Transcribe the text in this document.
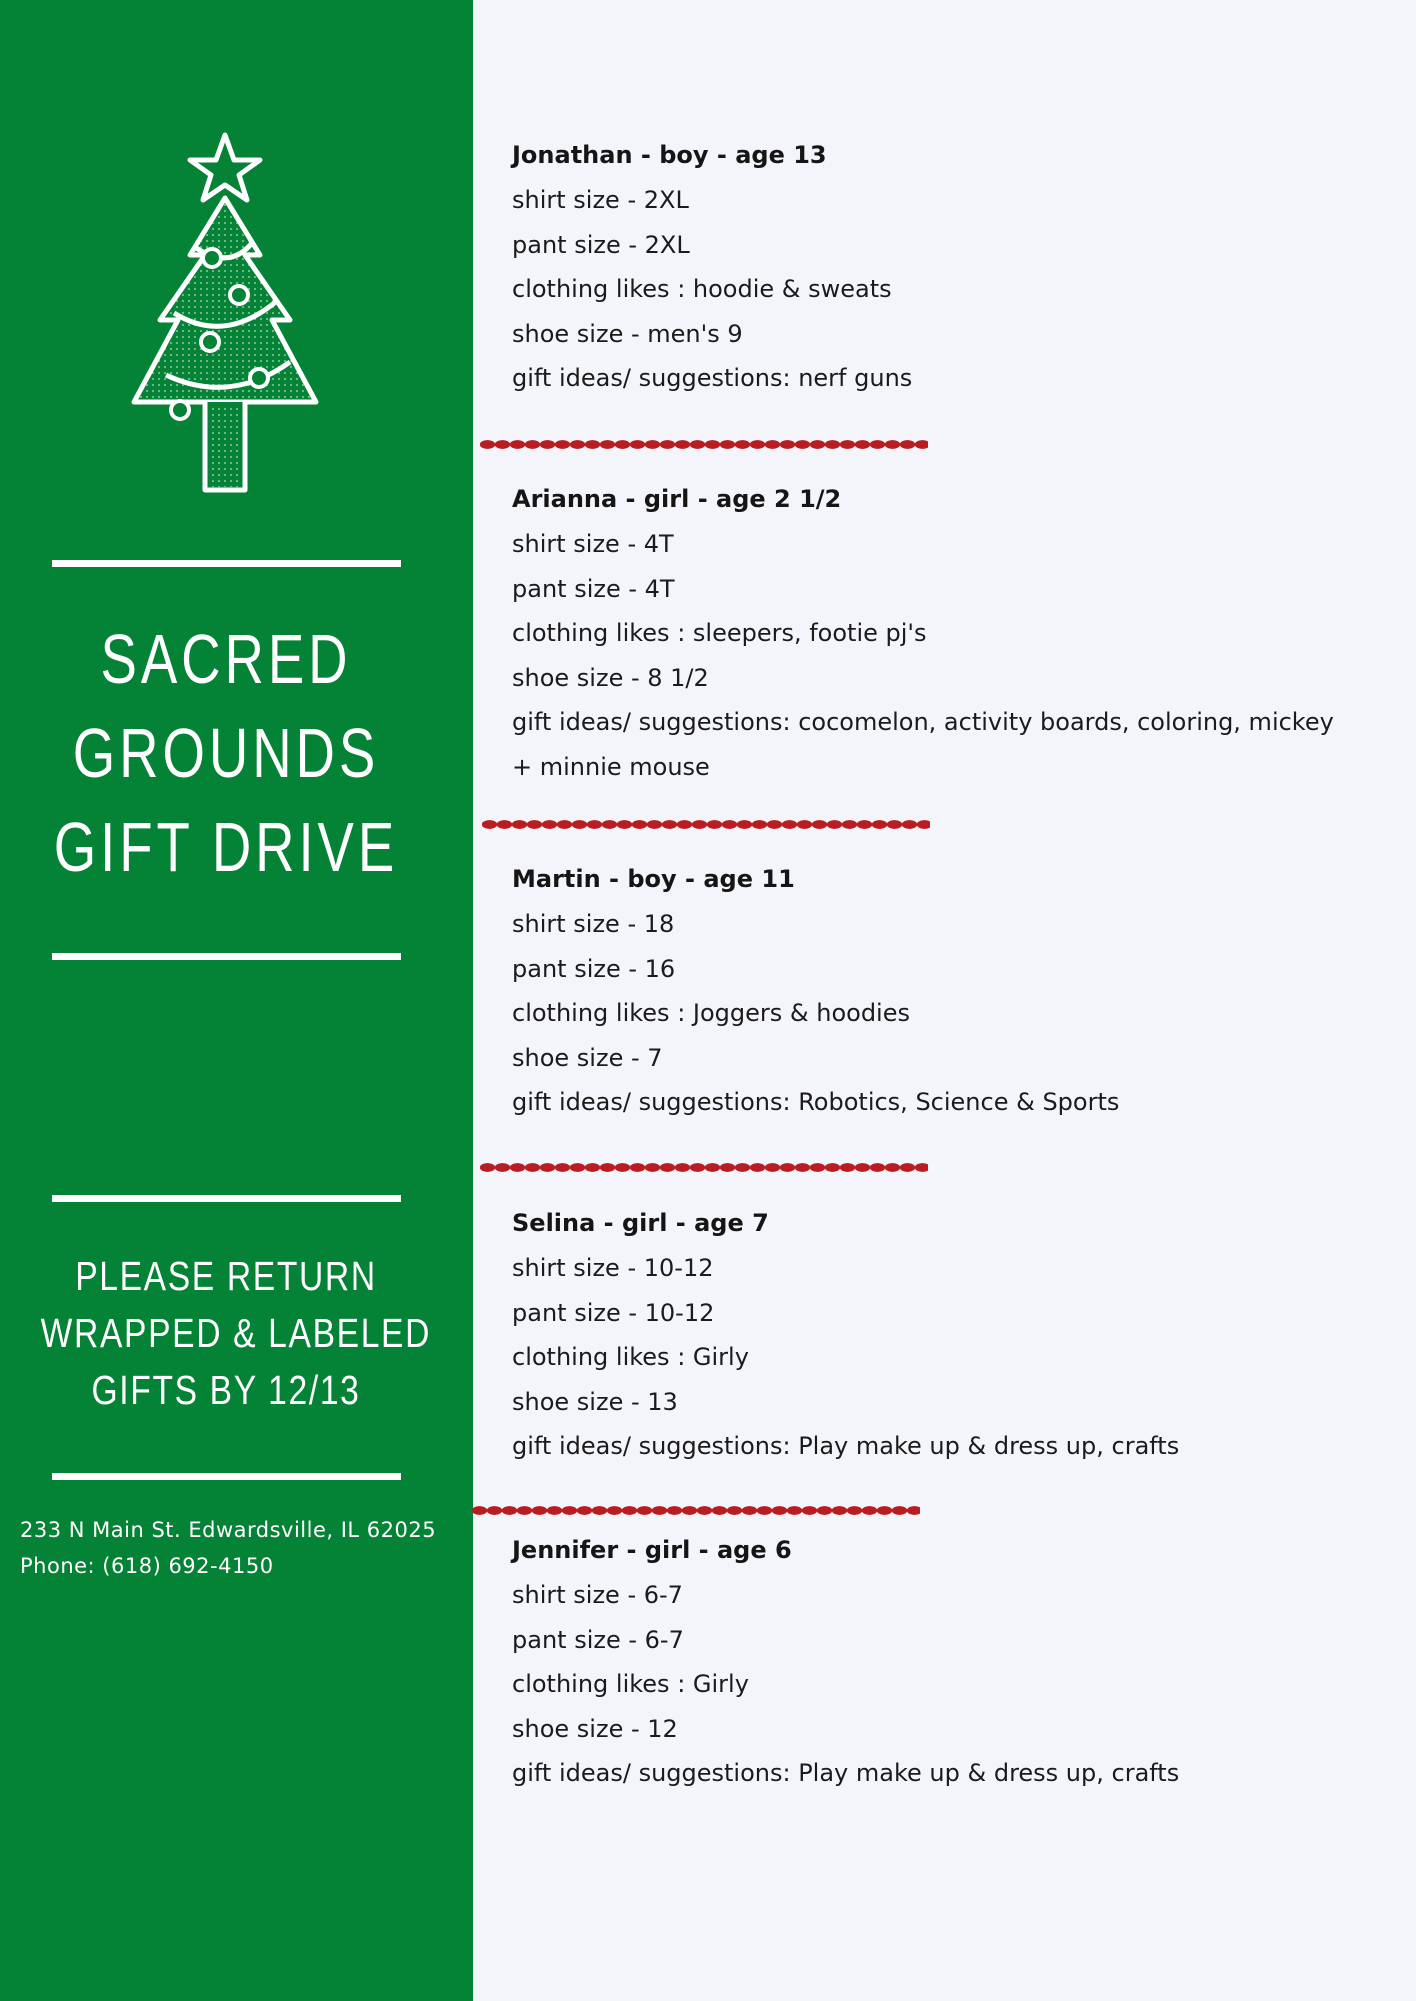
SACRED
GROUNDS
GIFT DRIVE
PLEASE RETURN
WRAPPED & LABELED
GIFTS BY 12/13
233 N Main St. Edwardsville, IL 62025
Phone: (618) 692-4150
Jonathan - boy - age 13
shirt size - 2XL
pant size - 2XL
clothing likes : hoodie & sweats
shoe size - men's 9
gift ideas/ suggestions: nerf guns
Arianna - girl - age 2 1/2
shirt size - 4T
pant size - 4T
clothing likes : sleepers, footie pj's
shoe size - 8 1/2
gift ideas/ suggestions: cocomelon, activity boards, coloring, mickey
+ minnie mouse
Martin - boy - age 11
shirt size - 18
pant size - 16
clothing likes : Joggers & hoodies
shoe size - 7
gift ideas/ suggestions: Robotics, Science & Sports
Selina - girl - age 7
shirt size - 10-12
pant size - 10-12
clothing likes : Girly
shoe size - 13
gift ideas/ suggestions: Play make up & dress up, crafts
Jennifer - girl - age 6
shirt size - 6-7
pant size - 6-7
clothing likes : Girly
shoe size - 12
gift ideas/ suggestions: Play make up & dress up, crafts
